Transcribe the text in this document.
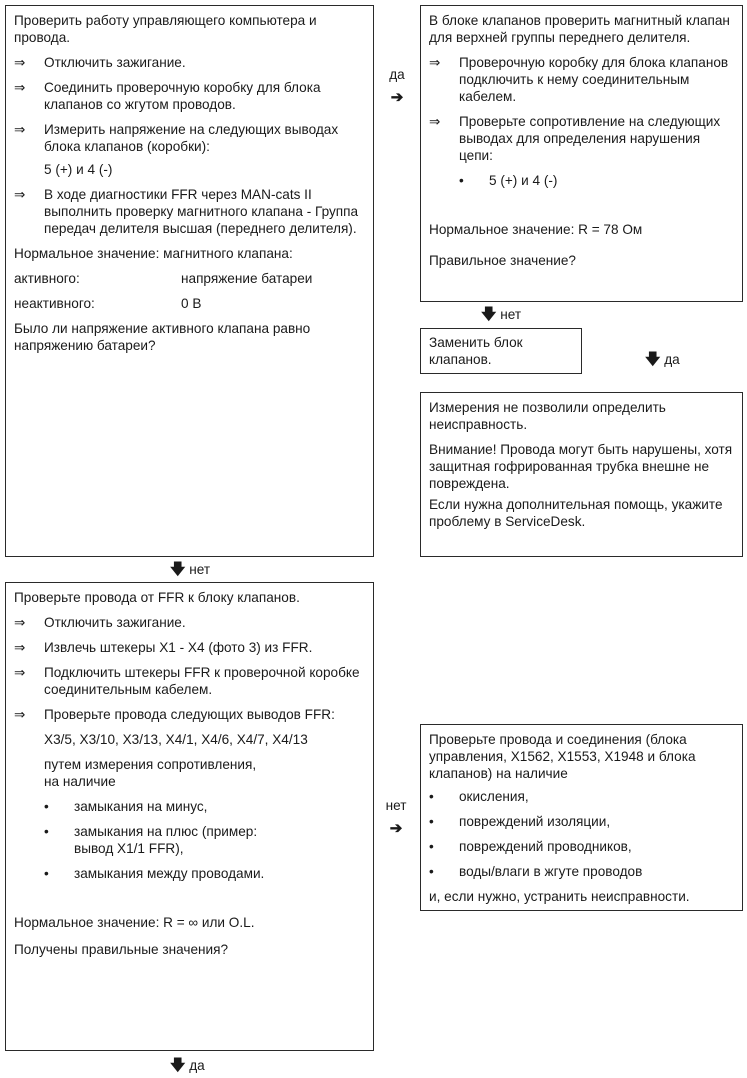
Проверить работу управляющего компьютера и провода.
⇒	Отключить зажигание.
⇒	Соединить проверочную коробку для блока клапанов со жгутом проводов.
⇒	Измерить напряжение на следующих выводах блока клапанов (коробки):
5 (+) и 4 (-)
⇒	В ходе диагностики FFR через MAN-cats II выполнить проверку магнитного клапана - Группа передач делителя высшая (переднего делителя).
Нормальное значение: магнитного клапана:
активного:	напряжение батареи
неактивного:	0 В
Было ли напряжение активного клапана равно напряжению батареи?
да
➔
В блоке клапанов проверить магнитный клапан для верхней группы переднего делителя.
⇒	Проверочную коробку для блока клапанов подключить к нему соединительным кабелем.
⇒	Проверьте сопротивление на следующих выводах для определения нарушения цепи:
•	5 (+) и 4 (-)
Нормальное значение: R = 78 Ом
Правильное значение?
🡇 нет
Заменить блок клапанов.	🡇 да
Измерения не позволили определить неисправность.
Внимание! Провода могут быть нарушены, хотя защитная гофрированная трубка внешне не повреждена.
Если нужна дополнительная помощь, укажите проблему в ServiceDesk.
🡇 нет
Проверьте провода от FFR к блоку клапанов.
⇒	Отключить зажигание.
⇒	Извлечь штекеры X1 - X4 (фото 3) из FFR.
⇒	Подключить штекеры FFR к проверочной коробке соединительным кабелем.
⇒	Проверьте провода следующих выводов FFR:
X3/5, X3/10, X3/13, X4/1, X4/6, X4/7, X4/13
путем измерения сопротивления, на наличие
•	замыкания на минус,
•	замыкания на плюс (пример: вывод X1/1 FFR),
•	замыкания между проводами.
Нормальное значение: R = ∞ или O.L.
Получены правильные значения?
нет
➔
Проверьте провода и соединения (блока управления, X1562, X1553, X1948 и блока клапанов) на наличие
•	окисления,
•	повреждений изоляции,
•	повреждений проводников,
•	воды/влаги в жгуте проводов
и, если нужно, устранить неисправности.
🡇 да
